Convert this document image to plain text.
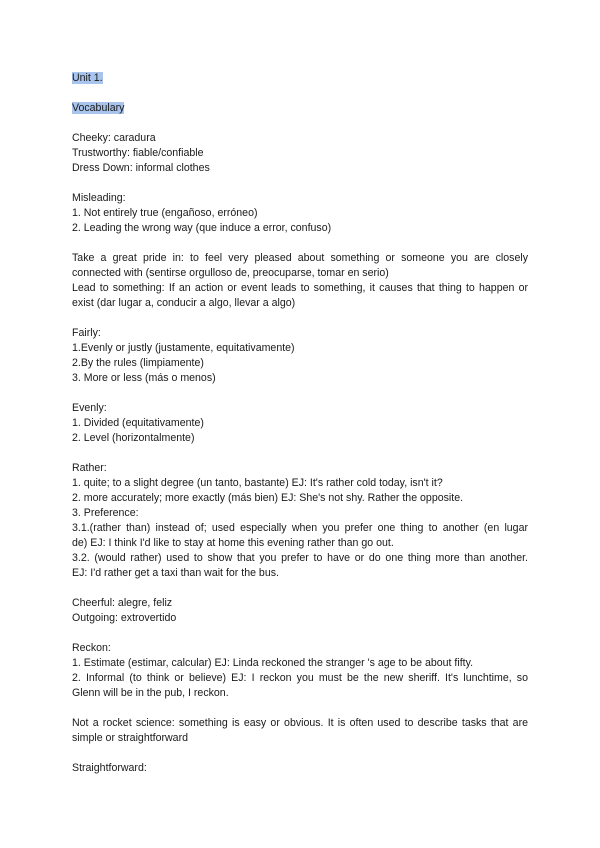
Unit 1.
Vocabulary
Cheeky: caradura
Trustworthy: fiable/confiable
Dress Down: informal clothes
Misleading:
1. Not entirely true (engañoso, erróneo)
2. Leading the wrong way (que induce a error, confuso)
Take a great pride in: to feel very pleased about something or someone you are closely
connected with (sentirse orgulloso de, preocuparse, tomar en serio)
Lead to something: If an action or event leads to something, it causes that thing to happen or
exist (dar lugar a, conducir a algo, llevar a algo)
Fairly:
1.Evenly or justly (justamente, equitativamente)
2.By the rules (limpiamente)
3. More or less (más o menos)
Evenly:
1. Divided (equitativamente)
2. Level (horizontalmente)
Rather:
1. quite; to a slight degree (un tanto, bastante) EJ: It's rather cold today, isn't it?
2. more accurately; more exactly (más bien) EJ: She's not shy. Rather the opposite.
3. Preference:
3.1.(rather than) instead of; used especially when you prefer one thing to another (en lugar
de) EJ: I think I'd like to stay at home this evening rather than go out.
3.2. (would rather) used to show that you prefer to have or do one thing more than another.
EJ: I'd rather get a taxi than wait for the bus.
Cheerful: alegre, feliz
Outgoing: extrovertido
Reckon:
1. Estimate (estimar, calcular) EJ: Linda reckoned the stranger 's age to be about fifty.
2. Informal (to think or believe) EJ: I reckon you must be the new sheriff. It's lunchtime, so
Glenn will be in the pub, I reckon.
Not a rocket science: something is easy or obvious. It is often used to describe tasks that are
simple or straightforward
Straightforward:
